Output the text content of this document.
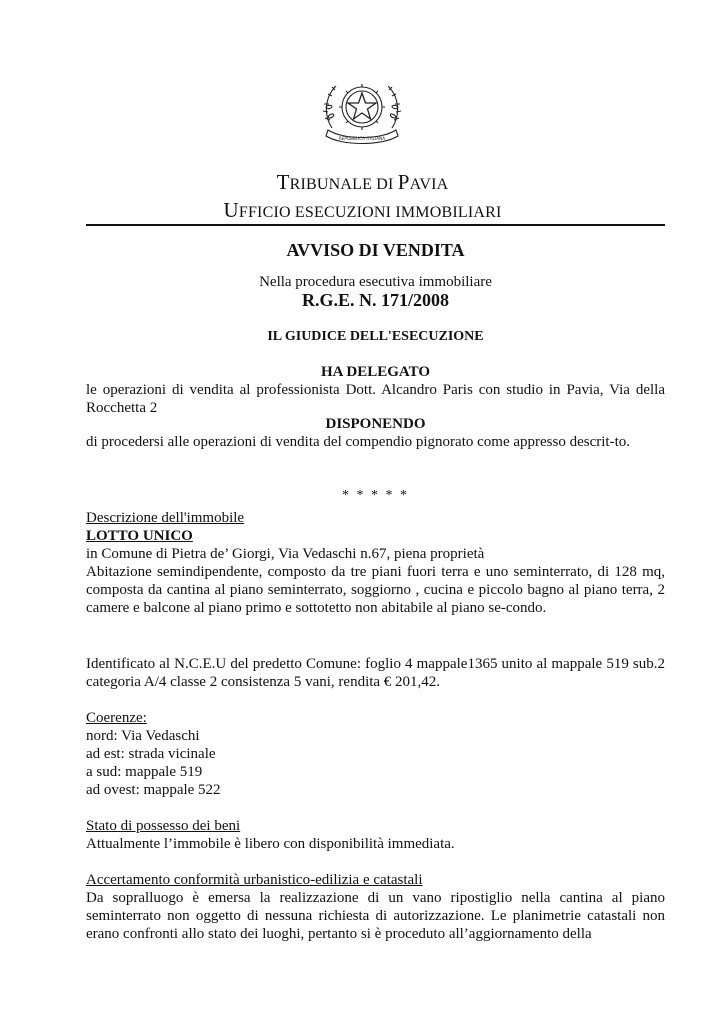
REPUBBLICA ITALIANA
TRIBUNALE DI PAVIA
UFFICIO ESECUZIONI IMMOBILIARI
AVVISO DI VENDITA
Nella procedura esecutiva immobiliare
R.G.E. N. 171/2008
IL GIUDICE DELL'ESECUZIONE
HA DELEGATO
le operazioni di vendita al professionista Dott. Alcandro Paris con studio in Pavia, Via della Rocchetta 2
DISPONENDO
di procedersi alle operazioni di vendita del compendio pignorato come appresso descrit-to.
* * * * *
Descrizione dell'immobile
LOTTO UNICO
in Comune di Pietra de’ Giorgi, Via Vedaschi n.67, piena proprietà
Abitazione semindipendente, composto da tre piani fuori terra e uno seminterrato, di 128 mq, composta da cantina al piano seminterrato, soggiorno , cucina e piccolo bagno al piano terra, 2 camere e balcone al piano primo e sottotetto non abitabile al piano se-condo.
Identificato al N.C.E.U del predetto Comune: foglio 4 mappale1365 unito al mappale 519 sub.2 categoria A/4 classe 2 consistenza 5 vani, rendita € 201,42.
Coerenze:
nord: Via Vedaschi
ad est: strada vicinale
a sud: mappale 519
ad ovest: mappale 522
Stato di possesso dei beni
Attualmente l’immobile è libero con disponibilità immediata.
Accertamento conformità urbanistico-edilizia e catastali
Da sopralluogo è emersa la realizzazione di un vano ripostiglio nella cantina al piano seminterrato non oggetto di nessuna richiesta di autorizzazione. Le planimetrie catastali non erano confronti allo stato dei luoghi, pertanto si è proceduto all’aggiornamento della
